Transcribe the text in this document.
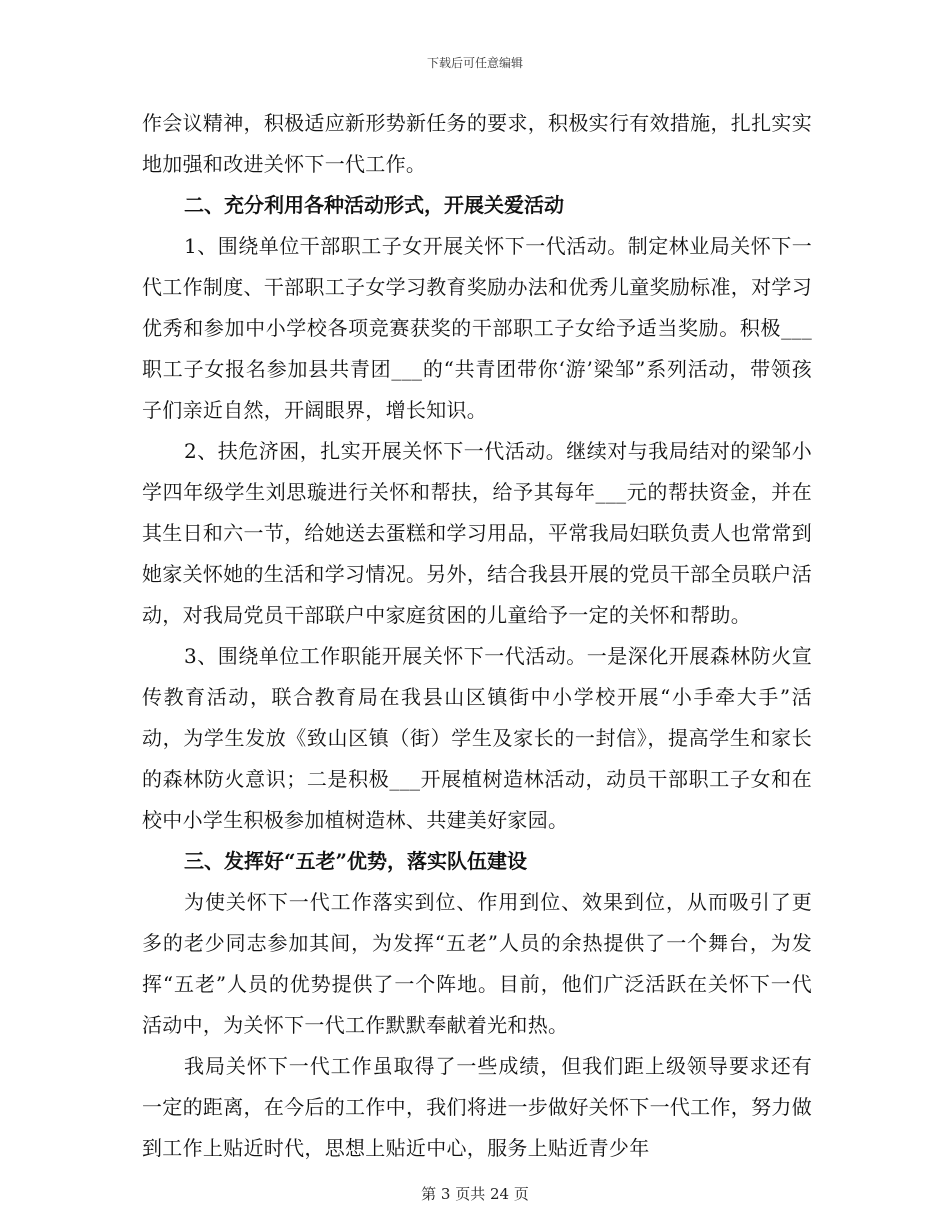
下载后可任意编辑

作会议精神，积极适应新形势新任务的要求，积极实行有效措施，扎扎实实地加强和改进关怀下一代工作。

二、充分利用各种活动形式，开展关爱活动

1、围绕单位干部职工子女开展关怀下一代活动。制定林业局关怀下一代工作制度、干部职工子女学习教育奖励办法和优秀儿童奖励标准，对学习优秀和参加中小学校各项竞赛获奖的干部职工子女给予适当奖励。积极___职工子女报名参加县共青团___的“共青团带你‘游’梁邹”系列活动，带领孩子们亲近自然，开阔眼界，增长知识。

2、扶危济困，扎实开展关怀下一代活动。继续对与我局结对的梁邹小学四年级学生刘思璇进行关怀和帮扶，给予其每年___元的帮扶资金，并在其生日和六一节，给她送去蛋糕和学习用品，平常我局妇联负责人也常常到她家关怀她的生活和学习情况。另外，结合我县开展的党员干部全员联户活动，对我局党员干部联户中家庭贫困的儿童给予一定的关怀和帮助。

3、围绕单位工作职能开展关怀下一代活动。一是深化开展森林防火宣传教育活动，联合教育局在我县山区镇街中小学校开展“小手牵大手”活动，为学生发放《致山区镇（街）学生及家长的一封信》，提高学生和家长的森林防火意识；二是积极___开展植树造林活动，动员干部职工子女和在校中小学生积极参加植树造林、共建美好家园。

三、发挥好“五老”优势，落实队伍建设

为使关怀下一代工作落实到位、作用到位、效果到位，从而吸引了更多的老少同志参加其间，为发挥“五老”人员的余热提供了一个舞台，为发挥“五老”人员的优势提供了一个阵地。目前，他们广泛活跃在关怀下一代活动中，为关怀下一代工作默默奉献着光和热。

我局关怀下一代工作虽取得了一些成绩，但我们距上级领导要求还有一定的距离，在今后的工作中，我们将进一步做好关怀下一代工作，努力做到工作上贴近时代，思想上贴近中心，服务上贴近青少年

第 3 页共 24 页
